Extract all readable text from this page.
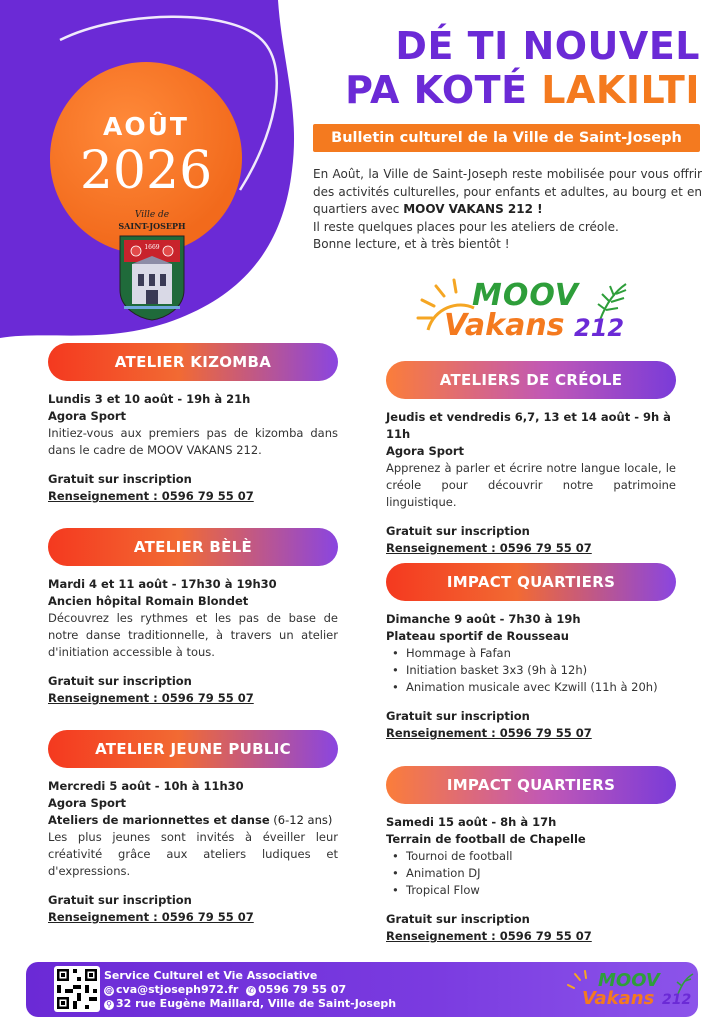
AOÛT
2026
Ville de
SAINT-JOSEPH
1669
DÉ TI NOUVEL
PA KOTÉ LAKILTI
Bulletin culturel de la Ville de Saint-Joseph

En Août, la Ville de Saint-Joseph reste mobilisée pour vous offrir des activités culturelles, pour enfants et adultes, au bourg et en quartiers avec MOOV VAKANS 212 !

Il reste quelques places pour les ateliers de créole.

Bonne lecture, et à très bientôt !

MOOV
Vakans 212
ATELIER KIZOMBA
Lundis 3 et 10 août - 19h à 21h
Agora Sport
Initiez-vous aux premiers pas de kizomba dans dans le cadre de MOOV VAKANS 212.
Gratuit sur inscription
Renseignement : 0596 79 55 07
ATELIER BÈLÈ
Mardi 4 et 11 août - 17h30 à 19h30
Ancien hôpital Romain Blondet
Découvrez les rythmes et les pas de base de notre danse traditionnelle, à travers un atelier d'initiation accessible à tous.
Gratuit sur inscription
Renseignement : 0596 79 55 07
ATELIER JEUNE PUBLIC
Mercredi 5 août - 10h à 11h30
Agora Sport
Ateliers de marionnettes et danse (6-12 ans)
Les plus jeunes sont invités à éveiller leur créativité grâce aux ateliers ludiques et d'expressions.
Gratuit sur inscription
Renseignement : 0596 79 55 07
ATELIERS DE CRÉOLE
Jeudis et vendredis 6,7, 13 et 14 août - 9h à 11h
Agora Sport
Apprenez à parler et écrire notre langue locale, le créole pour découvrir notre patrimoine linguistique.
Gratuit sur inscription
Renseignement : 0596 79 55 07
IMPACT QUARTIERS
Dimanche 9 août - 7h30 à 19h
Plateau sportif de Rousseau
• Hommage à Fafan
• Initiation basket 3x3 (9h à 12h)
• Animation musicale avec Kzwill (11h à 20h)
Gratuit sur inscription
Renseignement : 0596 79 55 07
IMPACT QUARTIERS
Samedi 15 août - 8h à 17h
Terrain de football de Chapelle
• Tournoi de football
• Animation DJ
• Tropical Flow
Gratuit sur inscription
Renseignement : 0596 79 55 07
Service Culturel et Vie Associative
@ cva@stjoseph972.fr ✆ 0596 79 55 07
⚲ 32 rue Eugène Maillard, Ville de Saint-Joseph
MOOV
Vakans 212
